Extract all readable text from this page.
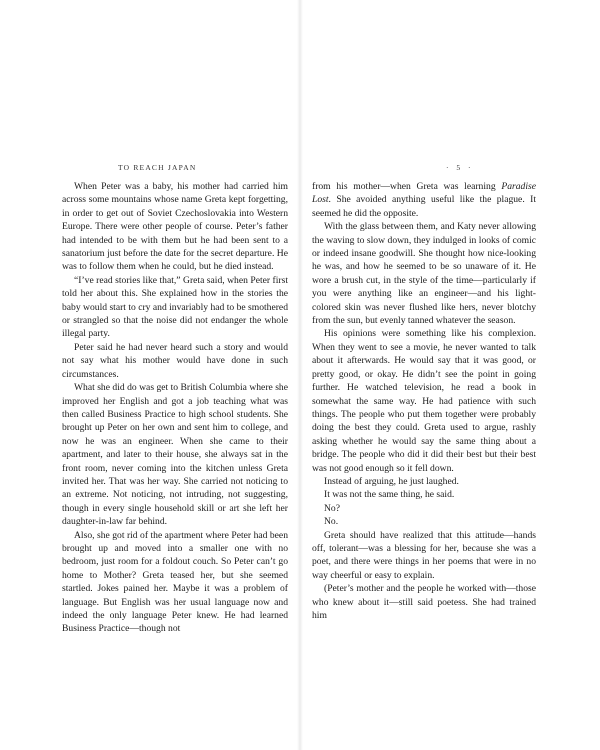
TO REACH JAPAN

When Peter was a baby, his mother had carried him across some mountains whose name Greta kept forgetting, in order to get out of Soviet Czechoslovakia into Western Europe. There were other people of course. Peter’s father had intended to be with them but he had been sent to a sanatorium just before the date for the secret departure. He was to follow them when he could, but he died instead.

“I’ve read stories like that,” Greta said, when Peter first told her about this. She explained how in the stories the baby would start to cry and invariably had to be smothered or strangled so that the noise did not endanger the whole illegal party.

Peter said he had never heard such a story and would not say what his mother would have done in such circumstances.

What she did do was get to British Columbia where she improved her English and got a job teaching what was then called Business Practice to high school students. She brought up Peter on her own and sent him to college, and now he was an engineer. When she came to their apartment, and later to their house, she always sat in the front room, never coming into the kitchen unless Greta invited her. That was her way. She carried not noticing to an extreme. Not noticing, not intruding, not suggesting, though in every single household skill or art she left her daughter-in-law far behind.

Also, she got rid of the apartment where Peter had been brought up and moved into a smaller one with no bedroom, just room for a foldout couch. So Peter can’t go home to Mother? Greta teased her, but she seemed startled. Jokes pained her. Maybe it was a problem of language. But English was her usual language now and indeed the only language Peter knew. He had learned Business Practice—though not

· 5 ·

from his mother—when Greta was learning Paradise Lost. She avoided anything useful like the plague. It seemed he did the opposite.

With the glass between them, and Katy never allowing the waving to slow down, they indulged in looks of comic or indeed insane goodwill. She thought how nice-looking he was, and how he seemed to be so unaware of it. He wore a brush cut, in the style of the time—particularly if you were anything like an engineer—and his light-colored skin was never flushed like hers, never blotchy from the sun, but evenly tanned whatever the season.

His opinions were something like his complexion. When they went to see a movie, he never wanted to talk about it afterwards. He would say that it was good, or pretty good, or okay. He didn’t see the point in going further. He watched television, he read a book in somewhat the same way. He had patience with such things. The people who put them together were probably doing the best they could. Greta used to argue, rashly asking whether he would say the same thing about a bridge. The people who did it did their best but their best was not good enough so it fell down.

Instead of arguing, he just laughed.

It was not the same thing, he said.

No?

No.

Greta should have realized that this attitude—hands off, tolerant—was a blessing for her, because she was a poet, and there were things in her poems that were in no way cheerful or easy to explain.

(Peter’s mother and the people he worked with—those who knew about it—still said poetess. She had trained him
